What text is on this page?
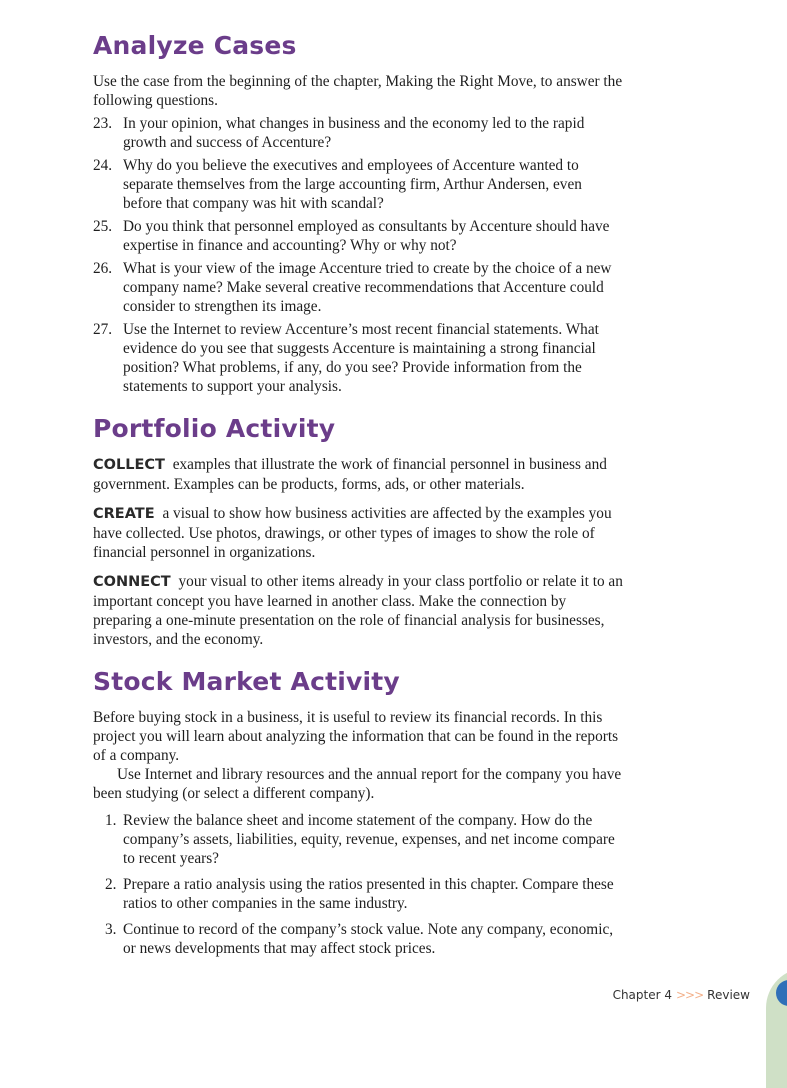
Analyze Cases

Use the case from the beginning of the chapter, Making the Right Move, to answer the following questions.

23. In your opinion, what changes in business and the economy led to the rapid growth and success of Accenture?
24. Why do you believe the executives and employees of Accenture wanted to separate themselves from the large accounting firm, Arthur Andersen, even before that company was hit with scandal?
25. Do you think that personnel employed as consultants by Accenture should have expertise in finance and accounting? Why or why not?
26. What is your view of the image Accenture tried to create by the choice of a new company name? Make several creative recommendations that Accenture could consider to strengthen its image.
27. Use the Internet to review Accenture’s most recent financial statements. What evidence do you see that suggests Accenture is maintaining a strong financial position? What problems, if any, do you see? Provide information from the statements to support your analysis.
Portfolio Activity

COLLECT examples that illustrate the work of financial personnel in business and government. Examples can be products, forms, ads, or other materials.

CREATE a visual to show how business activities are affected by the examples you have collected. Use photos, drawings, or other types of images to show the role of financial personnel in organizations.

CONNECT your visual to other items already in your class portfolio or relate it to an important concept you have learned in another class. Make the connection by preparing a one-minute presentation on the role of financial analysis for businesses, investors, and the economy.

Stock Market Activity

Before buying stock in a business, it is useful to review its financial records. In this project you will learn about analyzing the information that can be found in the reports of a company.

Use Internet and library resources and the annual report for the company you have been studying (or select a different company).

1. Review the balance sheet and income statement of the company. How do the company’s assets, liabilities, equity, revenue, expenses, and net income compare to recent years?
2. Prepare a ratio analysis using the ratios presented in this chapter. Compare these ratios to other companies in the same industry.
3. Continue to record of the company’s stock value. Note any company, economic, or news developments that may affect stock prices.
Chapter 4 >>> Review
